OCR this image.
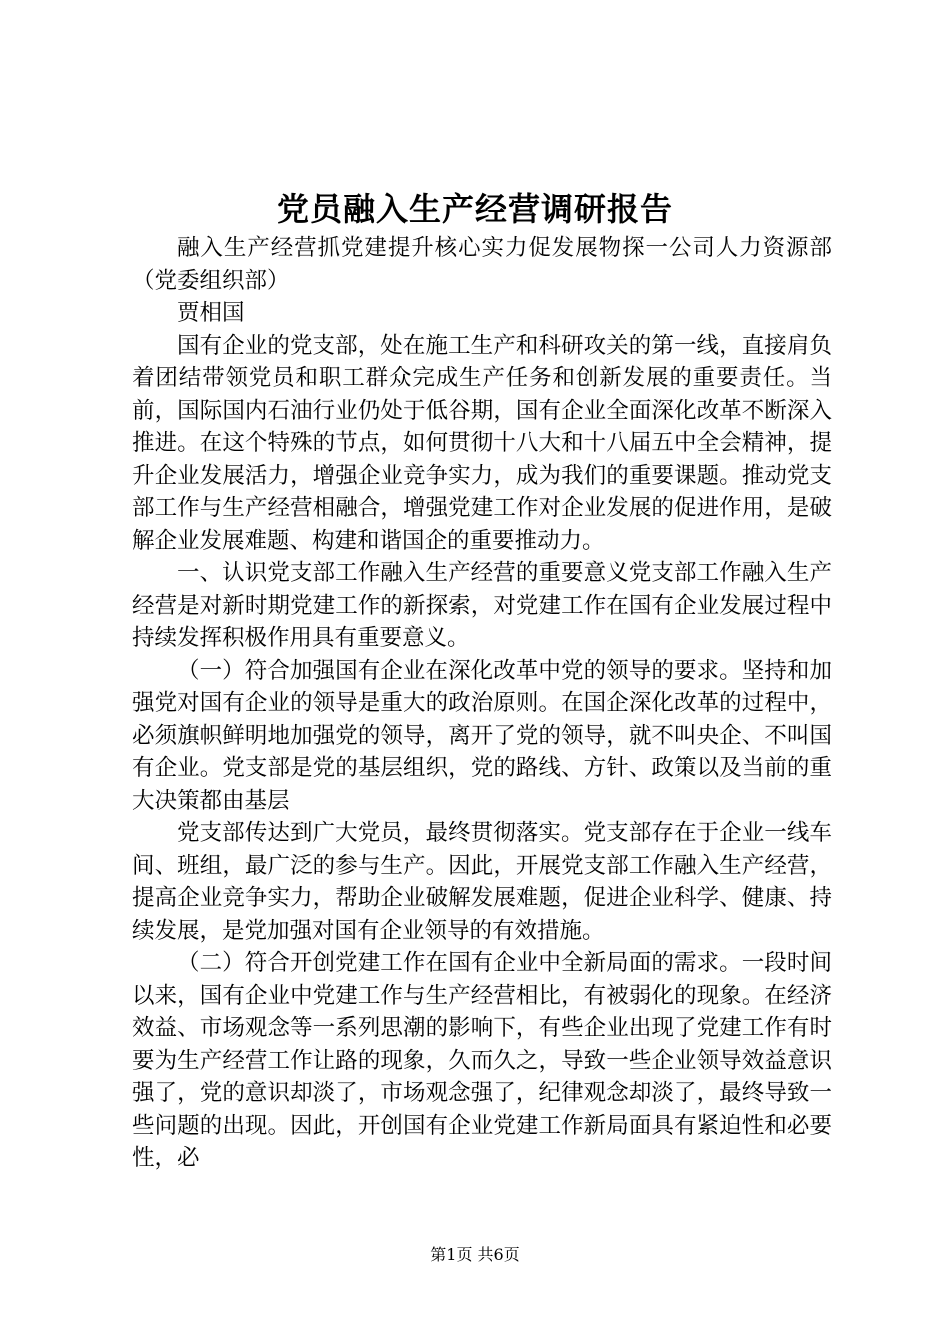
党员融入生产经营调研报告

融入生产经营抓党建提升核心实力促发展物探一公司人力资源部（党委组织部）

贾相国

国有企业的党支部，处在施工生产和科研攻关的第一线，直接肩负着团结带领党员和职工群众完成生产任务和创新发展的重要责任。当前，国际国内石油行业仍处于低谷期，国有企业全面深化改革不断深入推进。在这个特殊的节点，如何贯彻十八大和十八届五中全会精神，提升企业发展活力，增强企业竞争实力，成为我们的重要课题。推动党支部工作与生产经营相融合，增强党建工作对企业发展的促进作用，是破解企业发展难题、构建和谐国企的重要推动力。

一、认识党支部工作融入生产经营的重要意义党支部工作融入生产经营是对新时期党建工作的新探索，对党建工作在国有企业发展过程中持续发挥积极作用具有重要意义。

（一）符合加强国有企业在深化改革中党的领导的要求。坚持和加强党对国有企业的领导是重大的政治原则。在国企深化改革的过程中，必须旗帜鲜明地加强党的领导，离开了党的领导，就不叫央企、不叫国有企业。党支部是党的基层组织，党的路线、方针、政策以及当前的重大决策都由基层

党支部传达到广大党员，最终贯彻落实。党支部存在于企业一线车间、班组，最广泛的参与生产。因此，开展党支部工作融入生产经营，提高企业竞争实力，帮助企业破解发展难题，促进企业科学、健康、持续发展，是党加强对国有企业领导的有效措施。

（二）符合开创党建工作在国有企业中全新局面的需求。一段时间以来，国有企业中党建工作与生产经营相比，有被弱化的现象。在经济效益、市场观念等一系列思潮的影响下，有些企业出现了党建工作有时要为生产经营工作让路的现象，久而久之，导致一些企业领导效益意识强了，党的意识却淡了，市场观念强了，纪律观念却淡了，最终导致一些问题的出现。因此，开创国有企业党建工作新局面具有紧迫性和必要性，必

第1页 共6页
